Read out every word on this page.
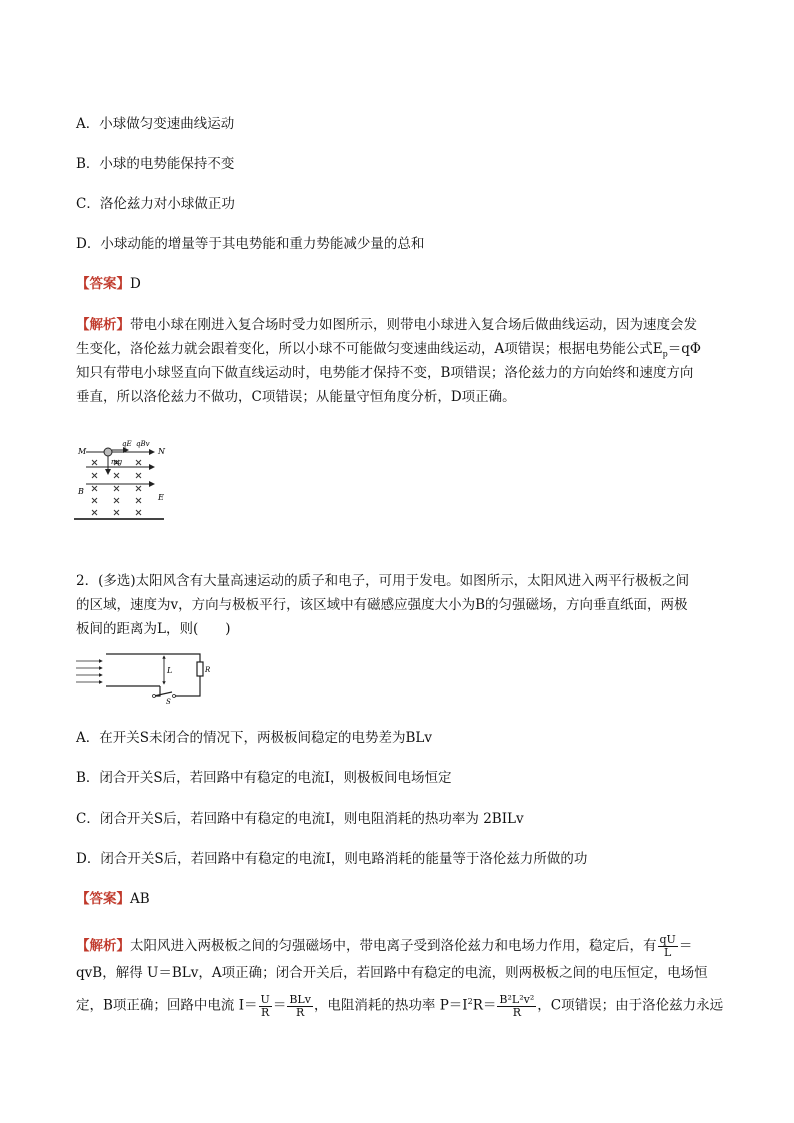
A．小球做匀变速曲线运动
B．小球的电势能保持不变
C．洛伦兹力对小球做正功
D．小球动能的增量等于其电势能和重力势能减少量的总和
【答案】D
【解析】带电小球在刚进入复合场时受力如图所示，则带电小球进入复合场后做曲线运动，因为速度会发
生变化，洛伦兹力就会跟着变化，所以小球不可能做匀变速曲线运动，A项错误；根据电势能公式$E_p=q\Phi$
知只有带电小球竖直向下做直线运动时，电势能才保持不变，B项错误；洛伦兹力的方向始终和速度方向
垂直，所以洛伦兹力不做功，C项错误；从能量守恒角度分析，D项正确。
M	N
qE qBv
mg
B
E
2．(多选)太阳风含有大量高速运动的质子和电子，可用于发电。如图所示，太阳风进入两平行极板之间
的区域，速度为v，方向与极板平行，该区域中有磁感应强度大小为B的匀强磁场，方向垂直纸面，两极
板间的距离为L，则(　　)
L	R
S
A．在开关S未闭合的情况下，两极板间稳定的电势差为BLv
B．闭合开关S后，若回路中有稳定的电流I，则极板间电场恒定
C．闭合开关S后，若回路中有稳定的电流I，则电阻消耗的热功率为 2BILv
D．闭合开关S后，若回路中有稳定的电流I，则电路消耗的能量等于洛伦兹力所做的功
【答案】AB
【解析】太阳风进入两极板之间的匀强磁场中，带电离子受到洛伦兹力和电场力作用，稳定后，有 $\frac{qU}{L}$ ＝
qvB，解得 U＝BLv，A项正确；闭合开关后，若回路中有稳定的电流，则两极板之间的电压恒定，电场恒
定，B项正确；回路中电流 $I= \frac{U}{R} = \frac{\text{BLv}}{R}$ ，电阻消耗的热功率 $P=I^2R= \frac{\text{B²L²v²}}{R}$ ，C项错误；由于洛伦兹力永远
